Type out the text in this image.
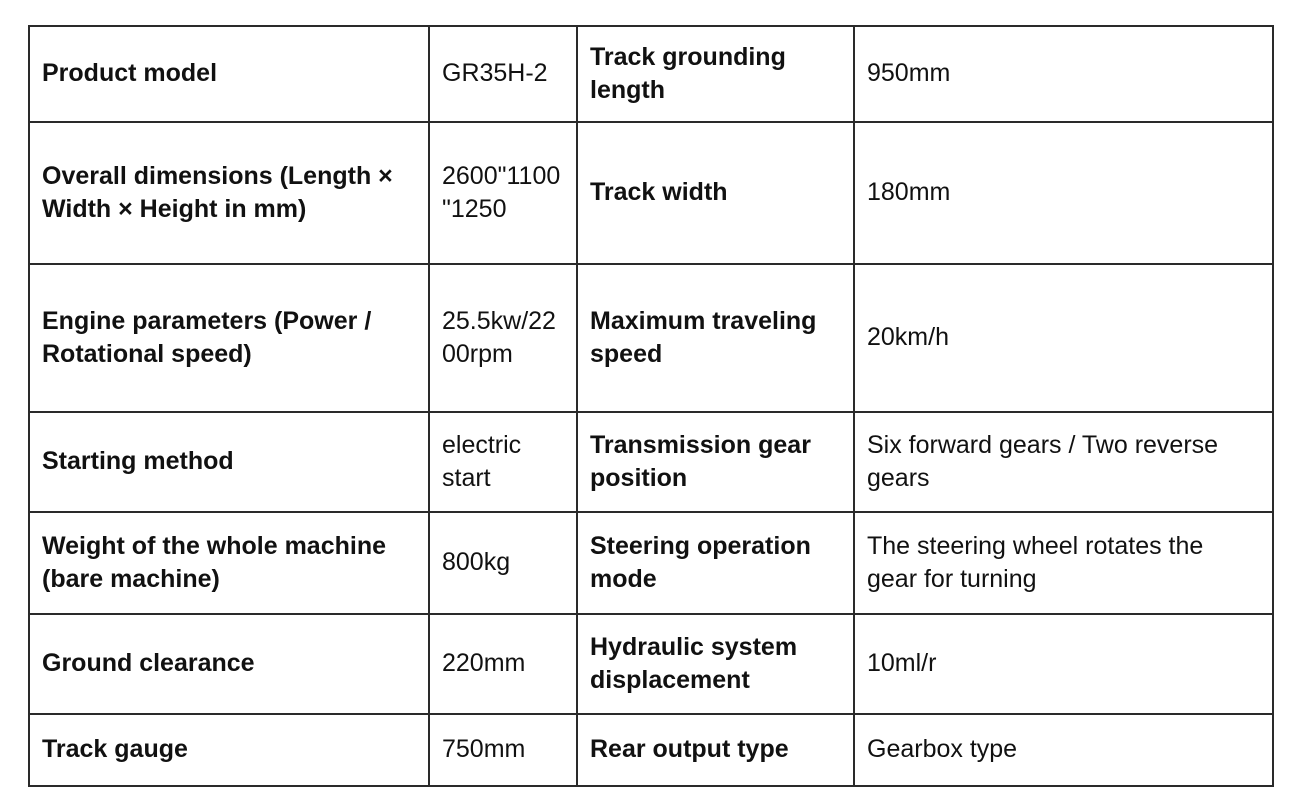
Product model	GR35H-2	Track grounding length	950mm
Overall dimensions (Length × Width × Height in mm)	2600"1100"1250	Track width	180mm
Engine parameters (Power / Rotational speed)	25.5kw/2200rpm	Maximum traveling speed	20km/h
Starting method	electric start	Transmission gear position	Six forward gears / Two reverse gears
Weight of the whole machine (bare machine)	800kg	Steering operation mode	The steering wheel rotates the gear for turning
Ground clearance	220mm	Hydraulic system displacement	10ml/r
Track gauge	750mm	Rear output type	Gearbox type
